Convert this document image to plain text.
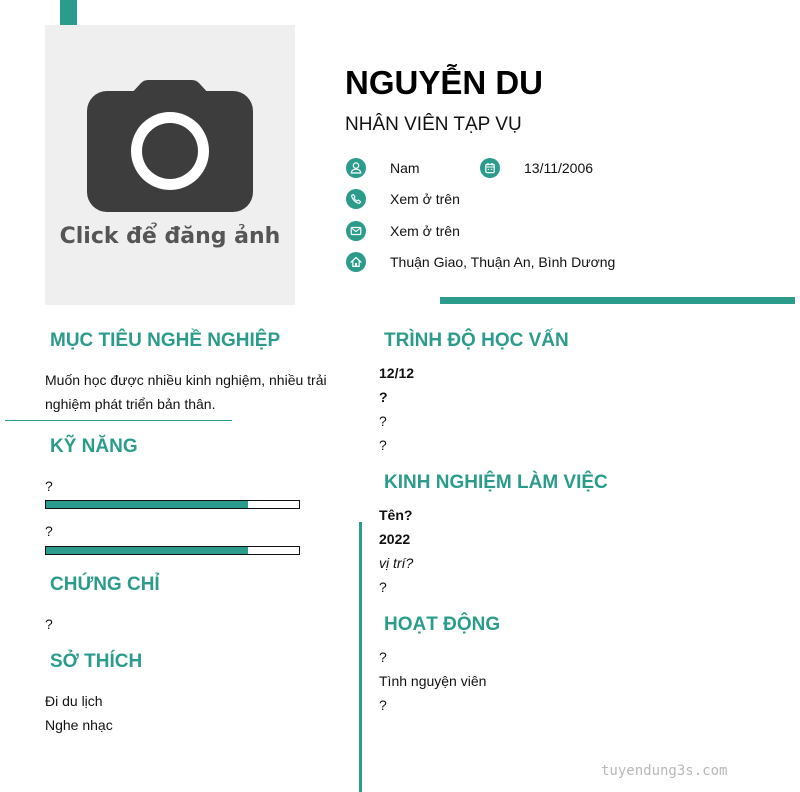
Click để đăng ảnh
NGUYỄN DU
NHÂN VIÊN TẠP VỤ
Nam	13/11/2006
Xem ở trên
Xem ở trên
Thuận Giao, Thuận An, Bình Dương
MỤC TIÊU NGHỀ NGHIỆP
Muốn học được nhiều kinh nghiệm, nhiều trải nghiệm phát triển bản thân.
KỸ NĂNG
?
?
CHỨNG CHỈ
?
SỞ THÍCH
Đi du lịch
Nghe nhạc
TRÌNH ĐỘ HỌC VẤN
12/12
?
?
?
KINH NGHIỆM LÀM VIỆC
Tên?
2022
vị trí?
?
HOẠT ĐỘNG
?
Tình nguyện viên
?
tuyendung3s.com
